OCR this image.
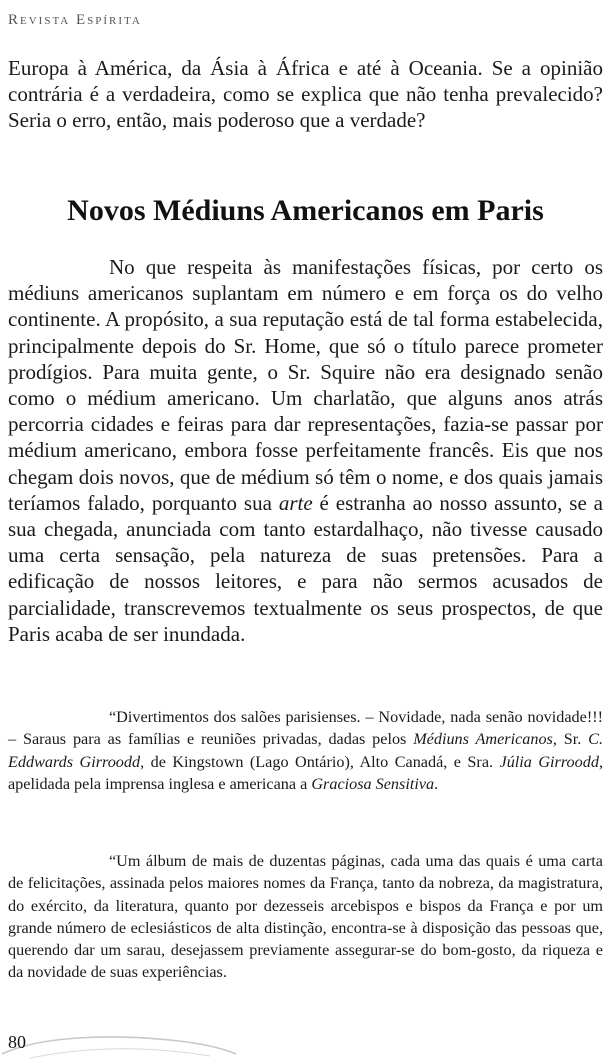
Revista Espírita

Europa à América, da Ásia à África e até à Oceania. Se a opinião contrária é a verdadeira, como se explica que não tenha prevalecido? Seria o erro, então, mais poderoso que a verdade?

Novos Médiuns Americanos em Paris

No que respeita às manifestações físicas, por certo os médiuns americanos suplantam em número e em força os do velho continente. A propósito, a sua reputação está de tal forma estabelecida, principalmente depois do Sr. Home, que só o título parece prometer prodígios. Para muita gente, o Sr. Squire não era designado senão como o médium americano. Um charlatão, que alguns anos atrás percorria cidades e feiras para dar representações, fazia-se passar por médium americano, embora fosse perfeitamente francês. Eis que nos chegam dois novos, que de médium só têm o nome, e dos quais jamais teríamos falado, porquanto sua arte é estranha ao nosso assunto, se a sua chegada, anunciada com tanto estardalhaço, não tivesse causado uma certa sensação, pela natureza de suas pretensões. Para a edificação de nossos leitores, e para não sermos acusados de parcialidade, transcrevemos textualmente os seus prospectos, de que Paris acaba de ser inundada.

“Divertimentos dos salões parisienses. – Novidade, nada senão novidade!!! – Saraus para as famílias e reuniões privadas, dadas pelos Médiuns Americanos, Sr. C. Eddwards Girroodd, de Kingstown (Lago Ontário), Alto Canadá, e Sra. Júlia Girroodd, apelidada pela imprensa inglesa e americana a Graciosa Sensitiva.

“Um álbum de mais de duzentas páginas, cada uma das quais é uma carta de felicitações, assinada pelos maiores nomes da França, tanto da nobreza, da magistratura, do exército, da literatura, quanto por dezesseis arcebispos e bispos da França e por um grande número de eclesiásticos de alta distinção, encontra-se à disposição das pessoas que, querendo dar um sarau, desejassem previamente assegurar-se do bom-gosto, da riqueza e da novidade de suas experiências.

80
